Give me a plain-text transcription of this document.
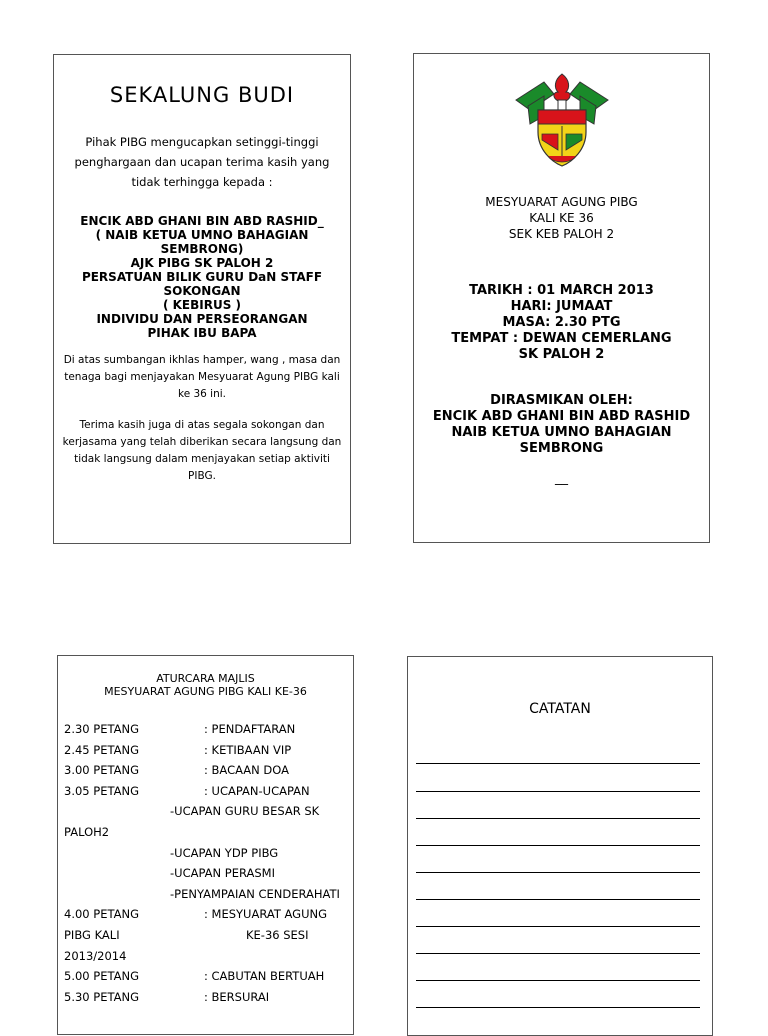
SEKALUNG BUDI
Pihak PIBG mengucapkan setinggi-tinggi
penghargaan dan ucapan terima kasih yang
tidak terhingga kepada :
ENCIK ABD GHANI BIN ABD RASHID_
( NAIB KETUA UMNO BAHAGIAN
SEMBRONG)
AJK PIBG SK PALOH 2
PERSATUAN BILIK GURU DaN STAFF
SOKONGAN
( KEBIRUS )
INDIVIDU DAN PERSEORANGAN
PIHAK IBU BAPA
Di atas sumbangan ikhlas hamper, wang , masa dan
tenaga bagi menjayakan Mesyuarat Agung PIBG kali
ke 36 ini.
Terima kasih juga di atas segala sokongan dan
kerjasama yang telah diberikan secara langsung dan
tidak langsung dalam menjayakan setiap aktiviti
PIBG.
MESYUARAT AGUNG PIBG
KALI KE 36
SEK KEB PALOH 2
TARIKH : 01 MARCH 2013
HARI: JUMAAT
MASA: 2.30 PTG
TEMPAT : DEWAN CEMERLANG
SK PALOH 2
DIRASMIKAN OLEH:
ENCIK ABD GHANI BIN ABD RASHID
NAIB KETUA UMNO BAHAGIAN
SEMBRONG
__
ATURCARA MAJLIS
MESYUARAT AGUNG PIBG KALI KE-36
2.30 PETANG	: PENDAFTARAN
2.45 PETANG	: KETIBAAN VIP
3.00 PETANG	: BACAAN DOA
3.05 PETANG	: UCAPAN-UCAPAN
-UCAPAN GURU BESAR SK
PALOH2
-UCAPAN YDP PIBG
-UCAPAN PERASMI
-PENYAMPAIAN CENDERAHATI
4.00 PETANG	: MESYUARAT AGUNG
PIBG KALI	KE-36 SESI
2013/2014
5.00 PETANG	: CABUTAN BERTUAH
5.30 PETANG	: BERSURAI
CATATAN
